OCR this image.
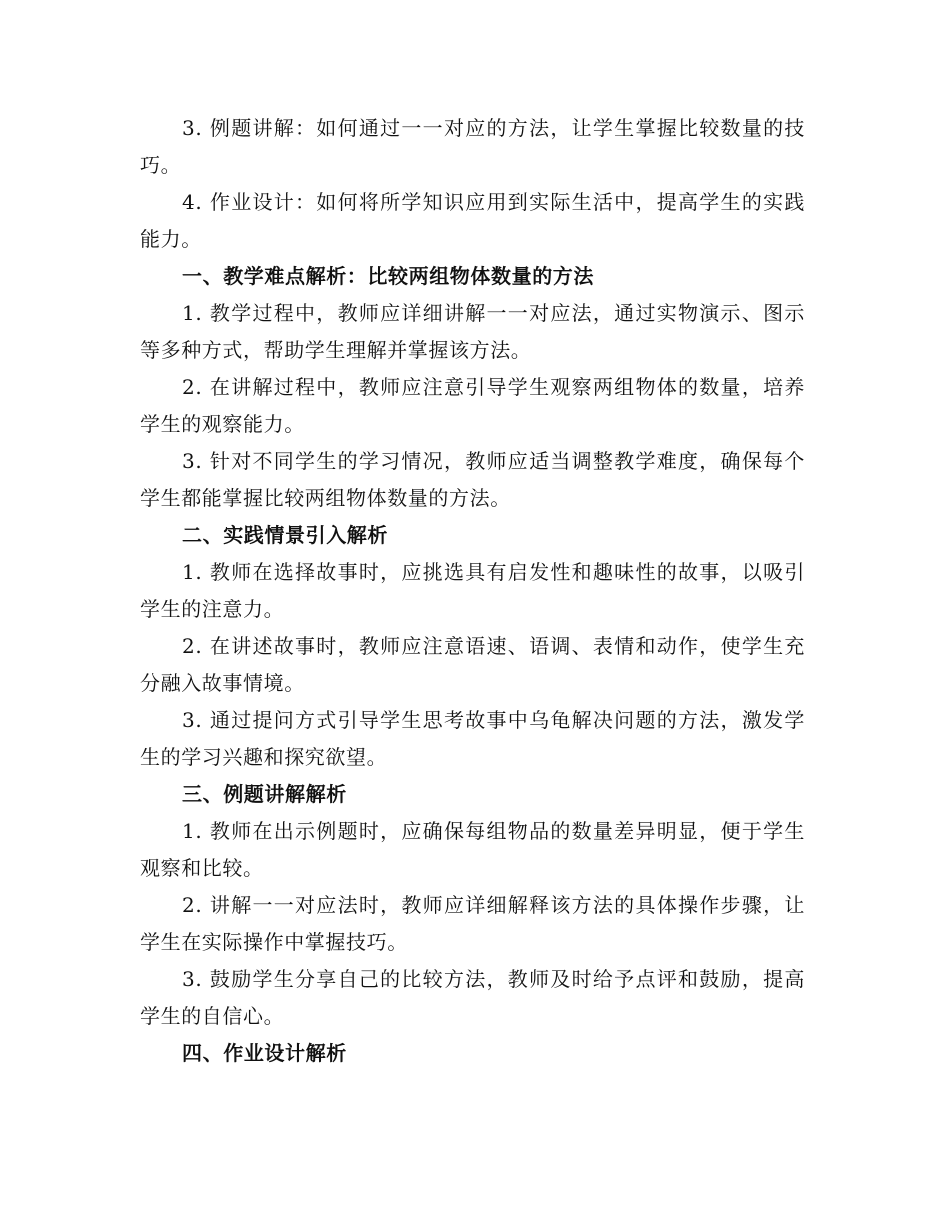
3. 例题讲解：如何通过一一对应的方法，让学生掌握比较数量的技巧。

4. 作业设计：如何将所学知识应用到实际生活中，提高学生的实践能力。

一、教学难点解析：比较两组物体数量的方法

1. 教学过程中，教师应详细讲解一一对应法，通过实物演示、图示等多种方式，帮助学生理解并掌握该方法。

2. 在讲解过程中，教师应注意引导学生观察两组物体的数量，培养学生的观察能力。

3. 针对不同学生的学习情况，教师应适当调整教学难度，确保每个学生都能掌握比较两组物体数量的方法。

二、实践情景引入解析

1. 教师在选择故事时，应挑选具有启发性和趣味性的故事，以吸引学生的注意力。

2. 在讲述故事时，教师应注意语速、语调、表情和动作，使学生充分融入故事情境。

3. 通过提问方式引导学生思考故事中乌龟解决问题的方法，激发学生的学习兴趣和探究欲望。

三、例题讲解解析

1. 教师在出示例题时，应确保每组物品的数量差异明显，便于学生观察和比较。

2. 讲解一一对应法时，教师应详细解释该方法的具体操作步骤，让学生在实际操作中掌握技巧。

3. 鼓励学生分享自己的比较方法，教师及时给予点评和鼓励，提高学生的自信心。

四、作业设计解析
